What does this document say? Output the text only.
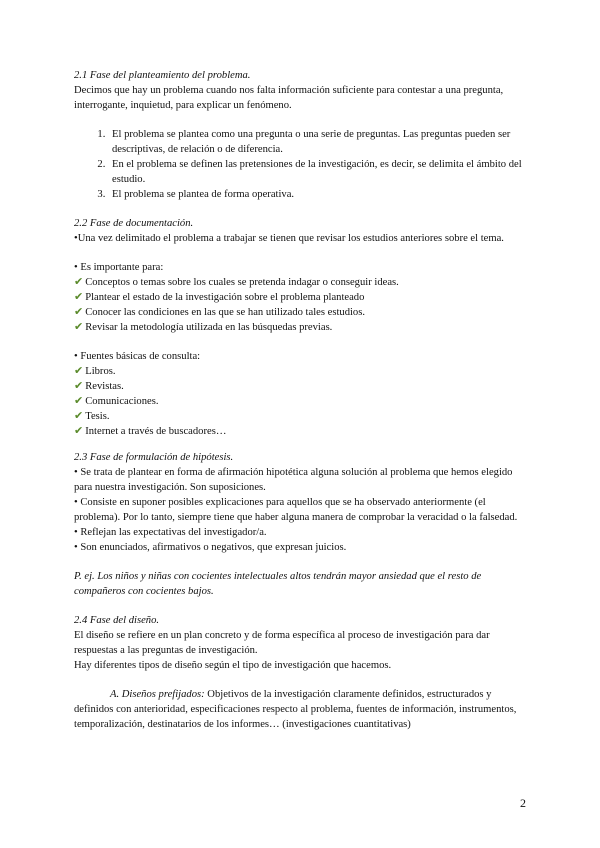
2.1 Fase del planteamiento del problema.

Decimos que hay un problema cuando nos falta información suficiente para contestar a una pregunta, interrogante, inquietud, para explicar un fenómeno.

1. El problema se plantea como una pregunta o una serie de preguntas. Las preguntas pueden ser descriptivas, de relación o de diferencia.
2. En el problema se definen las pretensiones de la investigación, es decir, se delimita el ámbito del estudio.
3. El problema se plantea de forma operativa.

2.2 Fase de documentación.

•Una vez delimitado el problema a trabajar se tienen que revisar los estudios anteriores sobre el tema.

• Es importante para:

✔ Conceptos o temas sobre los cuales se pretenda indagar o conseguir ideas.

✔ Plantear el estado de la investigación sobre el problema planteado

✔ Conocer las condiciones en las que se han utilizado tales estudios.

✔ Revisar la metodología utilizada en las búsquedas previas.

• Fuentes básicas de consulta:

✔ Libros.

✔ Revistas.

✔ Comunicaciones.

✔ Tesis.

✔ Internet a través de buscadores…

2.3 Fase de formulación de hipótesis.

• Se trata de plantear en forma de afirmación hipotética alguna solución al problema que hemos elegido para nuestra investigación. Son suposiciones.

• Consiste en suponer posibles explicaciones para aquellos que se ha observado anteriormente (el problema). Por lo tanto, siempre tiene que haber alguna manera de comprobar la veracidad o la falsedad.

• Reflejan las expectativas del investigador/a.

• Son enunciados, afirmativos o negativos, que expresan juicios.

P. ej. Los niños y niñas con cocientes intelectuales altos tendrán mayor ansiedad que el resto de compañeros con cocientes bajos.

2.4 Fase del diseño.

El diseño se refiere en un plan concreto y de forma específica al proceso de investigación para dar respuestas a las preguntas de investigación.

Hay diferentes tipos de diseño según el tipo de investigación que hacemos.

A. Diseños prefijados: Objetivos de la investigación claramente definidos, estructurados y definidos con anterioridad, especificaciones respecto al problema, fuentes de información, instrumentos, temporalización, destinatarios de los informes… (investigaciones cuantitativas)

2
